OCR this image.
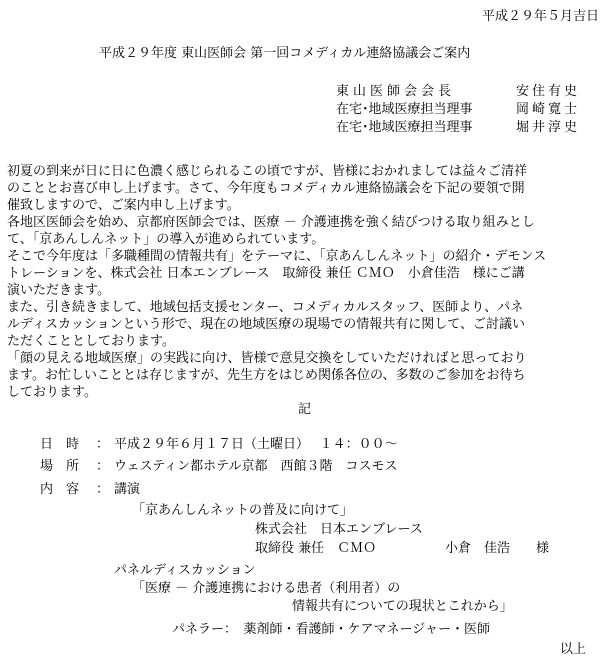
平成２９年５月吉日
平成２９年度 東山医師会 第一回コメディカル連絡協議会ご案内
東山医師会会長	安住有史
在宅･地域医療担当理事	岡崎寛士
在宅･地域医療担当理事	堀井淳史

初夏の到来が日に日に色濃く感じられるこの頃ですが、皆様におかれましては益々ご清祥

のこととお喜び申し上げます。さて、今年度もコメディカル連絡協議会を下記の要領で開

催致しますので、ご案内申し上げます。

各地区医師会を始め、京都府医師会では、医療 － 介護連携を強く結びつける取り組みとし

て、「京あんしんネット」の導入が進められています。

そこで今年度は「多職種間の情報共有」をテーマに、「京あんしんネット」の紹介・デモンス

トレーションを、株式会社 日本エンブレース　取締役 兼任 ＣＭＯ　小倉佳浩　様にご講

演いただきます。

また、引き続きまして、地域包括支援センター、コメディカルスタッフ、医師より、パネ

ルディスカッションという形で、現在の地域医療の現場での情報共有に関して、ご討議い

ただくこととしております。

「顔の見える地域医療」の実践に向け、皆様で意見交換をしていただければと思っており

ます。お忙しいこととは存じますが、先生方をはじめ関係各位の、多数のご参加をお待ち

しております。

記
日　時	： 平成２９年６月１７日（土曜日）　 １４：００～
場　所	： ウェスティン都ホテル京都　西館３階　コスモス
内　容	： 講演
「京あんしんネットの普及に向けて」
株式会社　日本エンブレース
取締役 兼任　ＣＭＯ	小倉　佳浩　　様
パネルディスカッション
「医療 － 介護連携における患者（利用者）の
情報共有についての現状とこれから」
パネラー：　薬剤師・看護師・ケアマネージャー・医師
以上
